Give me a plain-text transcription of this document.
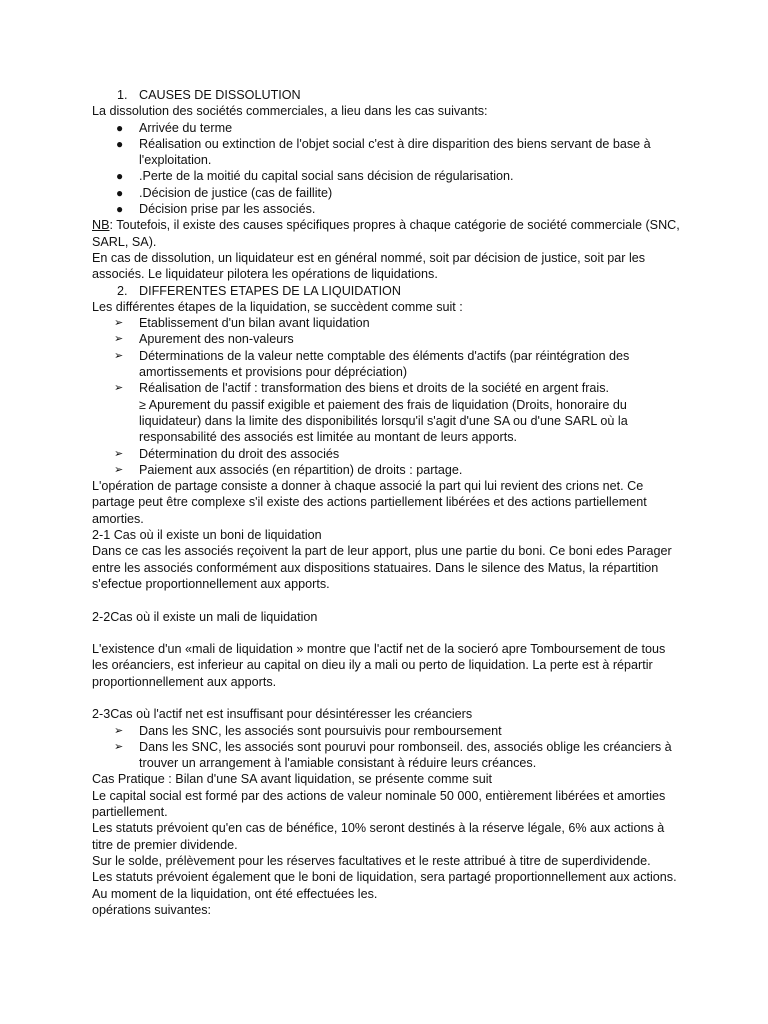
1. CAUSES DE DISSOLUTION

La dissolution des sociétés commerciales, a lieu dans les cas suivants:

● Arrivée du terme
● Réalisation ou extinction de l'objet social c'est à dire disparition des biens servant de base à l'exploitation.
● .Perte de la moitié du capital social sans décision de régularisation.
● .Décision de justice (cas de faillite)
● Décision prise par les associés.

NB: Toutefois, il existe des causes spécifiques propres à chaque catégorie de société commerciale (SNC, SARL, SA).

En cas de dissolution, un liquidateur est en général nommé, soit par décision de justice, soit par les associés. Le liquidateur pilotera les opérations de liquidations.

2. DIFFERENTES ETAPES DE LA LIQUIDATION

Les différentes étapes de la liquidation, se succèdent comme suit :

➢ Etablissement d'un bilan avant liquidation
➢ Apurement des non-valeurs
➢ Déterminations de la valeur nette comptable des éléments d'actifs (par réintégration des amortissements et provisions pour dépréciation)
➢ Réalisation de l'actif : transformation des biens et droits de la société en argent frais.
≥ Apurement du passif exigible et paiement des frais de liquidation (Droits, honoraire du liquidateur) dans la limite des disponibilités lorsqu'il s'agit d'une SA ou d'une SARL où la responsabilité des associés est limitée au montant de leurs apports.
➢ Détermination du droit des associés
➢ Paiement aux associés (en répartition) de droits : partage.

L'opération de partage consiste a donner à chaque associé la part qui lui revient des crions net. Ce partage peut être complexe s'il existe des actions partiellement libérées et des actions partiellement amorties.

2-1 Cas où il existe un boni de liquidation

Dans ce cas les associés reçoivent la part de leur apport, plus une partie du boni. Ce boni edes Parager entre les associés conformément aux dispositions statuaires. Dans le silence des Matus, la répartition s'efectue proportionnellement aux apports.

2-2Cas où il existe un mali de liquidation

L'existence d'un «mali de liquidation » montre que l'actif net de la socieró apre Tomboursement de tous les oréanciers, est inferieur au capital on dieu ily a mali ou perto de liquidation. La perte est à répartir proportionnellement aux apports.

2-3Cas où l'actif net est insuffisant pour désintéresser les créanciers

➢ Dans les SNC, les associés sont poursuivis pour remboursement
➢ Dans les SNC, les associés sont pouruvi pour rombonseil. des, associés oblige les créanciers à trouver un arrangement à l'amiable consistant à réduire leurs créances.

Cas Pratique : Bilan d'une SA avant liquidation, se présente comme suit

Le capital social est formé par des actions de valeur nominale 50 000, entièrement libérées et amorties partiellement.

Les statuts prévoient qu'en cas de bénéfice, 10% seront destinés à la réserve légale, 6% aux actions à titre de premier dividende.

Sur le solde, prélèvement pour les réserves facultatives et le reste attribué à titre de superdividende.

Les statuts prévoient également que le boni de liquidation, sera partagé proportionnellement aux actions. Au moment de la liquidation, ont été effectuées les.

opérations suivantes:
